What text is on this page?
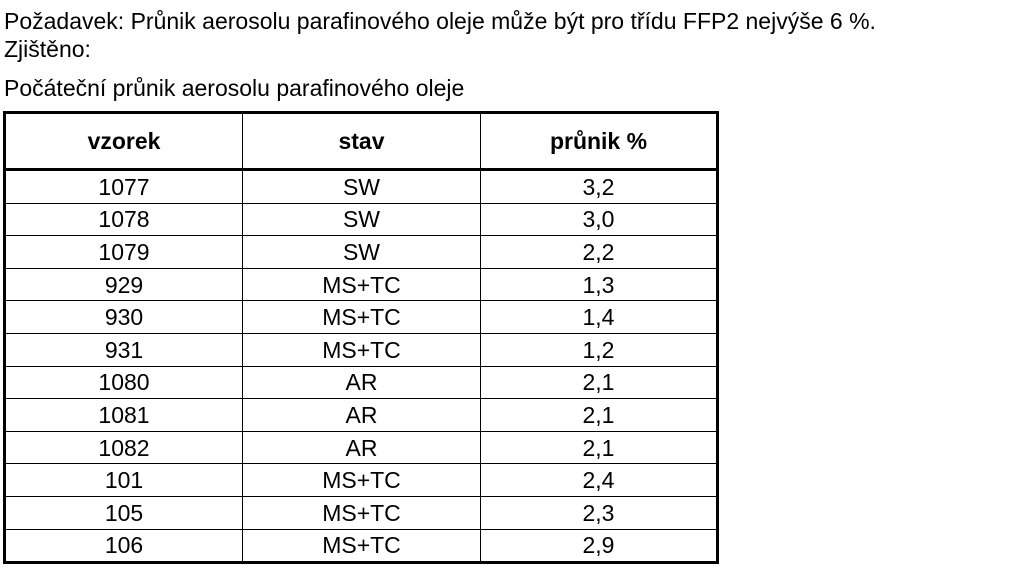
Požadavek: Průnik aerosolu parafinového oleje může být pro třídu FFP2 nejvýše 6 %.
Zjištěno:
Počáteční průnik aerosolu parafinového oleje
vzorek	stav	průnik %
1077	SW	3,2
1078	SW	3,0
1079	SW	2,2
929	MS+TC	1,3
930	MS+TC	1,4
931	MS+TC	1,2
1080	AR	2,1
1081	AR	2,1
1082	AR	2,1
101	MS+TC	2,4
105	MS+TC	2,3
106	MS+TC	2,9
